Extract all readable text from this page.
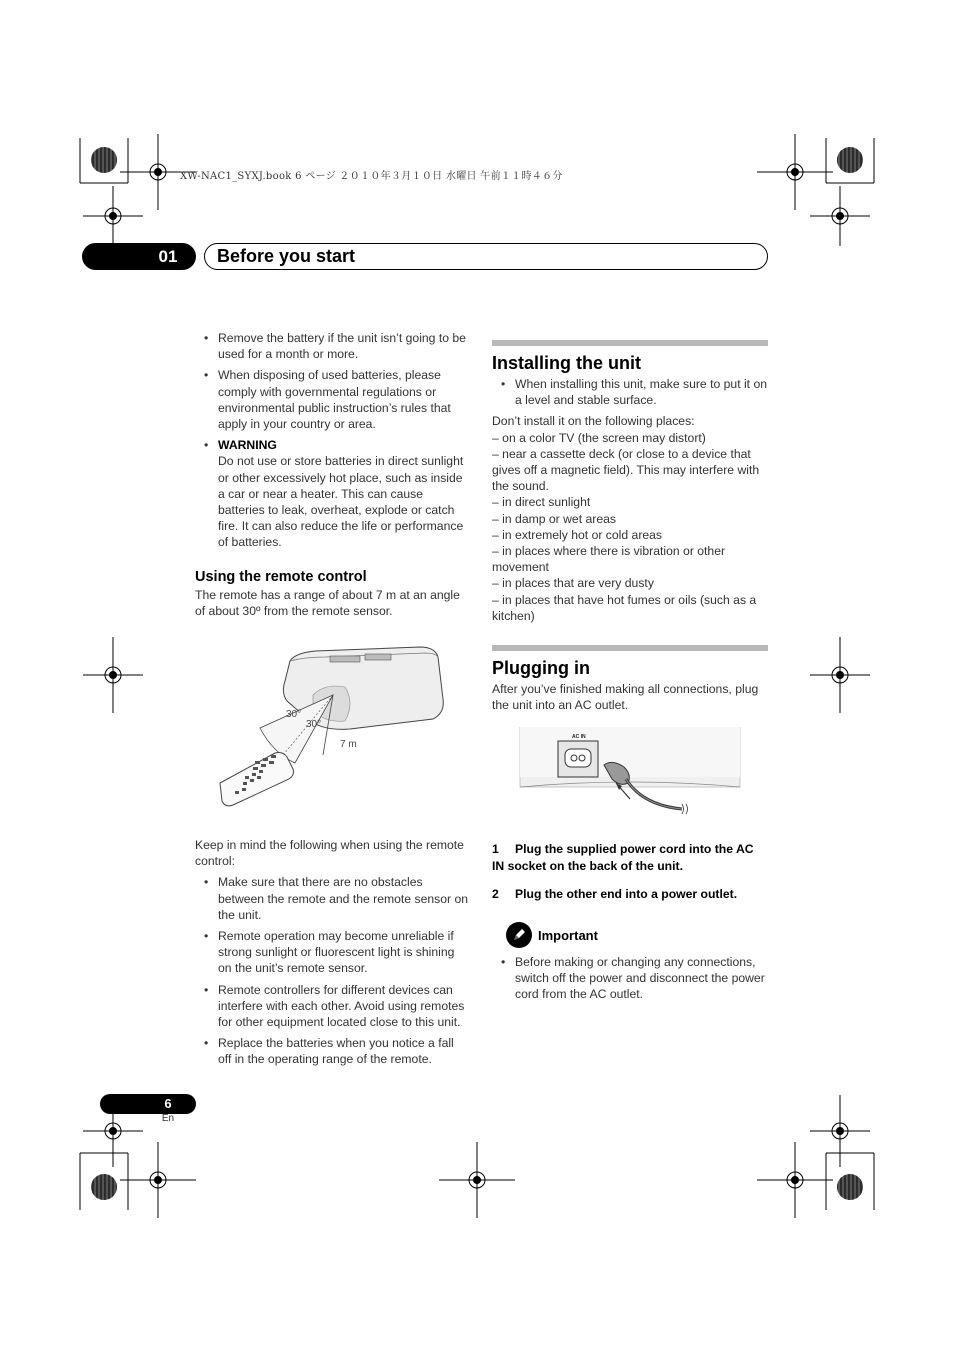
XW-NAC1_SYXJ.book 6 ページ ２０１０年３月１０日 水曜日 午前１１時４６分
01	Before you start
• Remove the battery if the unit isn’t going to be used for a month or more.
• When disposing of used batteries, please comply with governmental regulations or environmental public instruction’s rules that apply in your country or area.
• WARNING
Do not use or store batteries in direct sunlight or other excessively hot place, such as inside a car or near a heater. This can cause batteries to leak, overheat, explode or catch fire. It can also reduce the life or performance of batteries.
Using the remote control
The remote has a range of about 7 m at an angle of about 30º from the remote sensor.
30°
30°
7 m
Keep in mind the following when using the remote control:
• Make sure that there are no obstacles between the remote and the remote sensor on the unit.
• Remote operation may become unreliable if strong sunlight or fluorescent light is shining on the unit’s remote sensor.
• Remote controllers for different devices can interfere with each other. Avoid using remotes for other equipment located close to this unit.
• Replace the batteries when you notice a fall off in the operating range of the remote.
Installing the unit
• When installing this unit, make sure to put it on a level and stable surface.
Don’t install it on the following places:
– on a color TV (the screen may distort)
– near a cassette deck (or close to a device that gives off a magnetic field). This may interfere with the sound.
– in direct sunlight
– in damp or wet areas
– in extremely hot or cold areas
– in places where there is vibration or other movement
– in places that are very dusty
– in places that have hot fumes or oils (such as a kitchen)
Plugging in
After you’ve finished making all connections, plug the unit into an AC outlet.
AC IN
1 Plug the supplied power cord into the AC IN socket on the back of the unit.
2 Plug the other end into a power outlet.
Important
• Before making or changing any connections, switch off the power and disconnect the power cord from the AC outlet.
6
En
